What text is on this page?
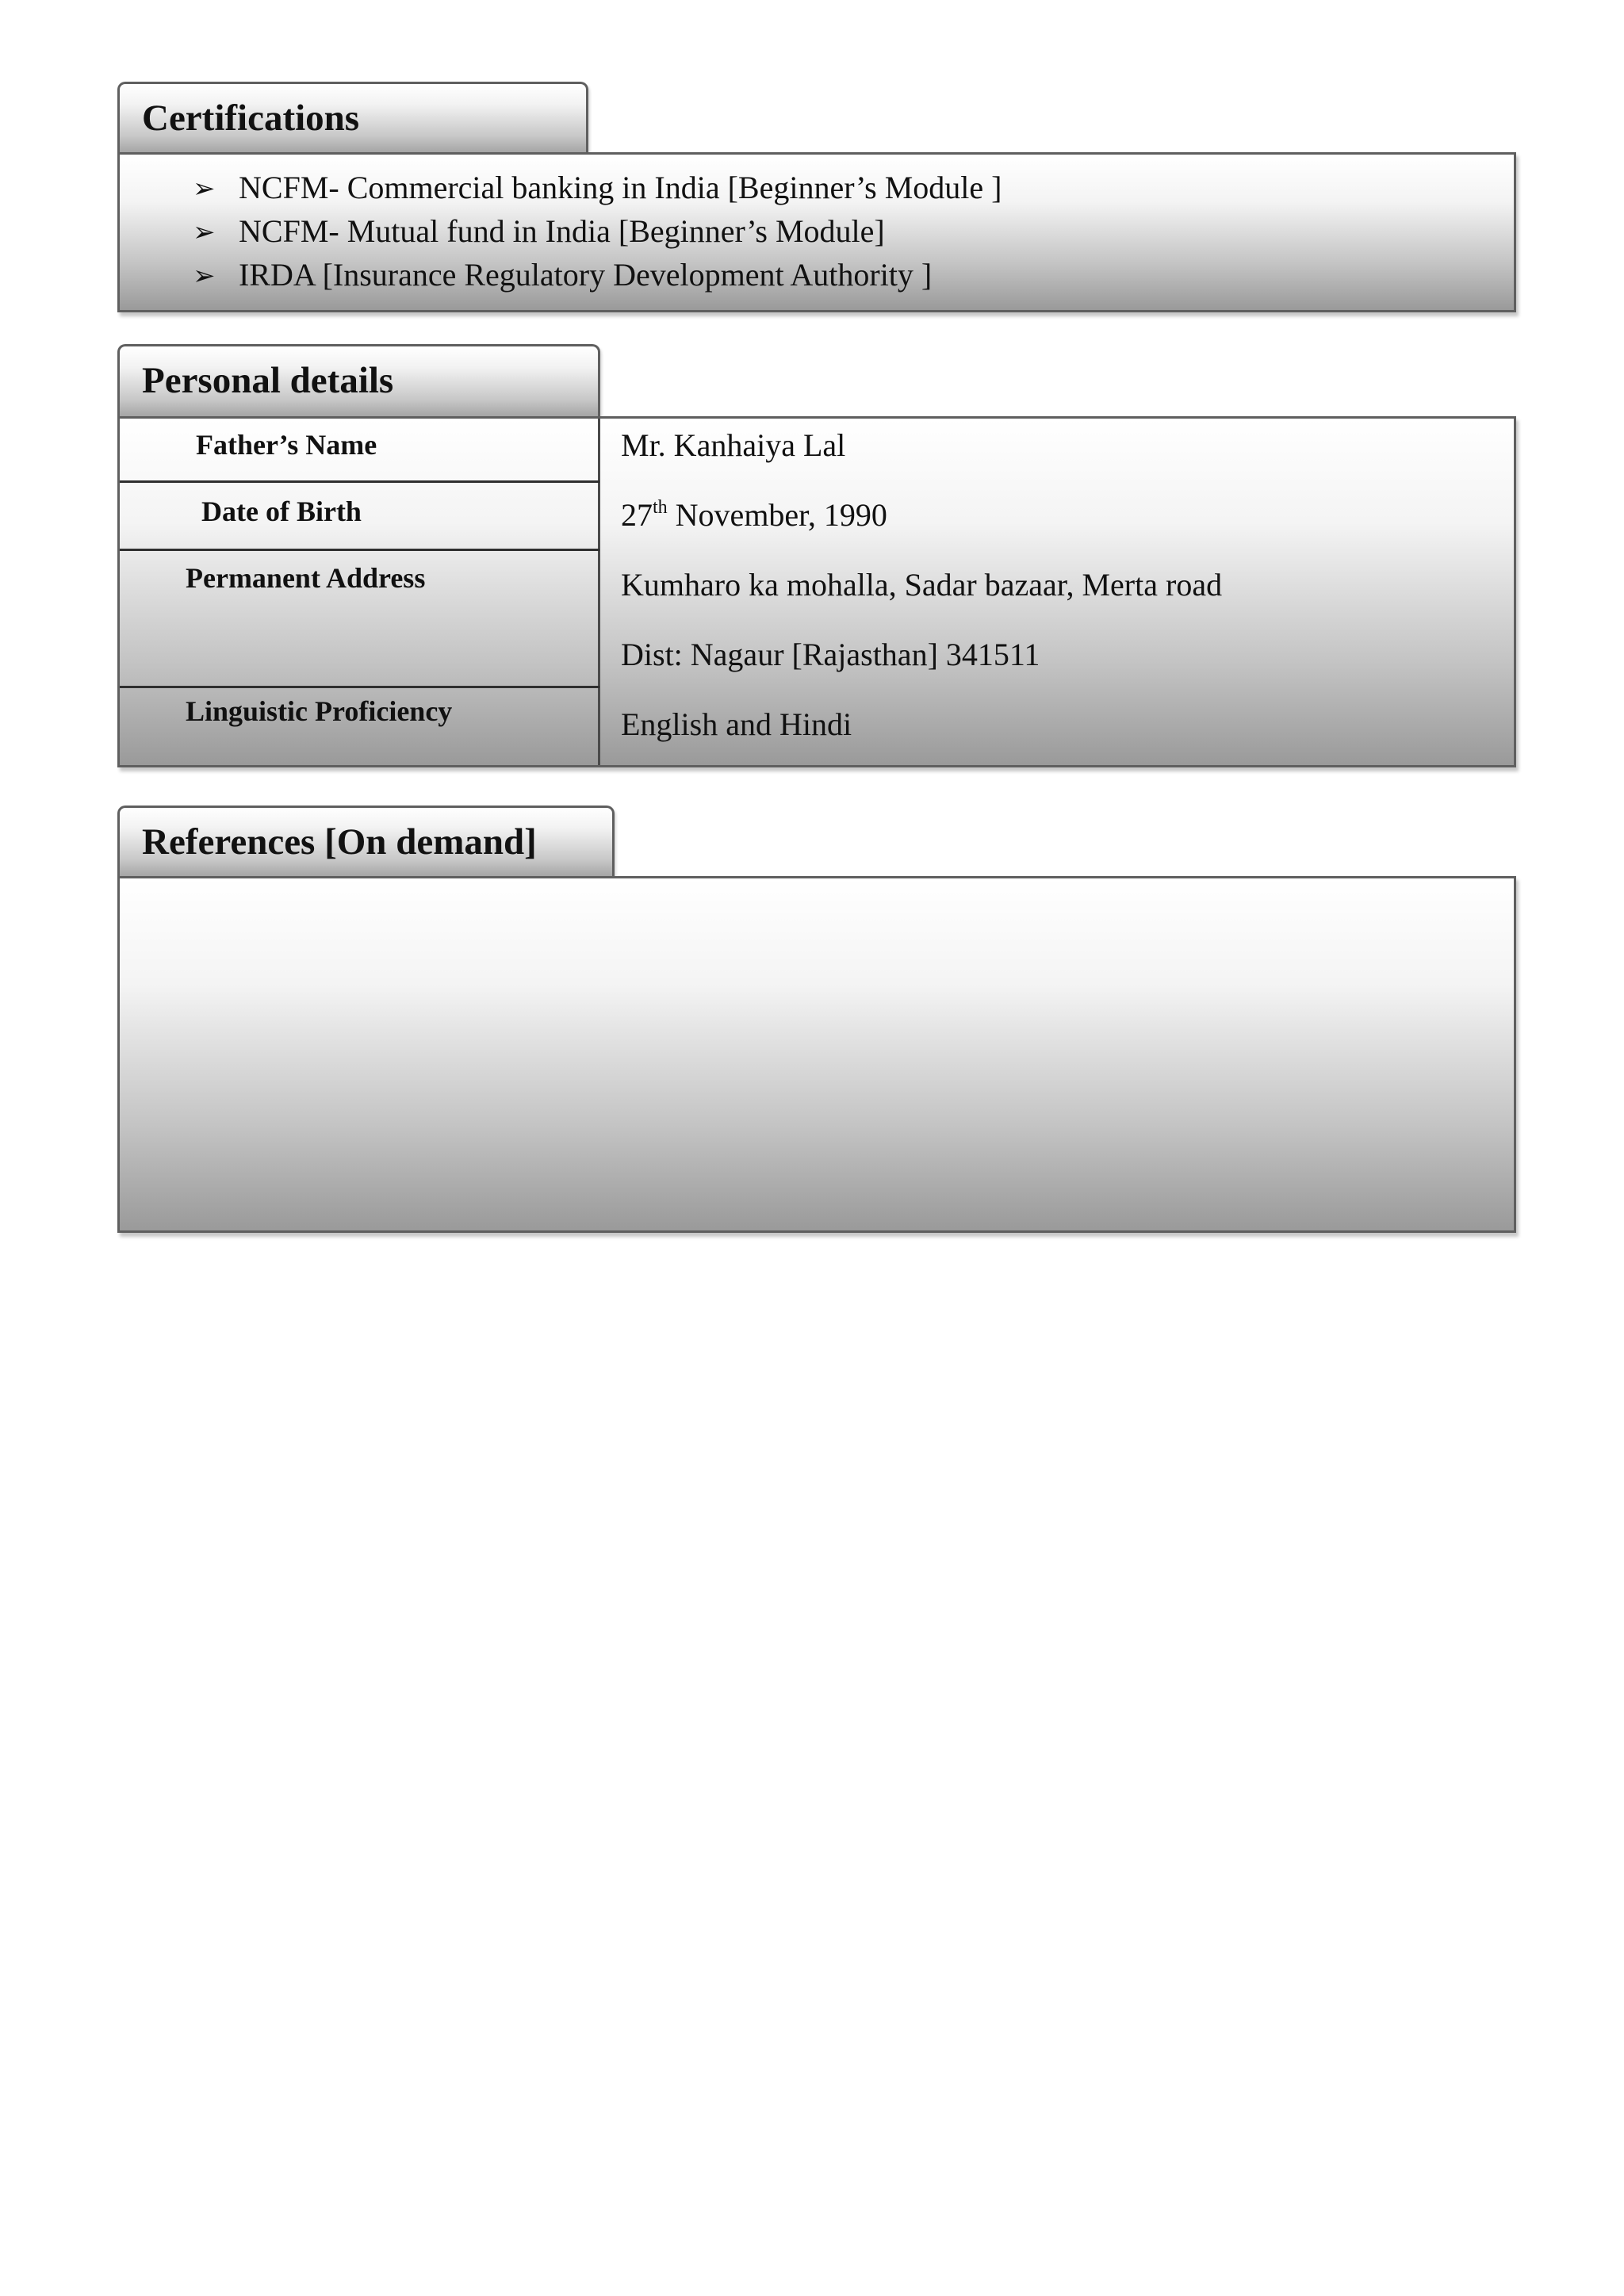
Certifications
➢ NCFM- Commercial banking in India [Beginner’s Module ]
➢ NCFM- Mutual fund in India [Beginner’s Module]
➢ IRDA [Insurance Regulatory Development Authority ]
Personal details
Father’s Name	Mr. Kanhaiya Lal
Date of Birth	27th November, 1990
Permanent Address	Kumharo ka mohalla, Sadar bazaar, Merta road
Dist: Nagaur [Rajasthan] 341511
Linguistic Proficiency	English and Hindi
References [On demand]
